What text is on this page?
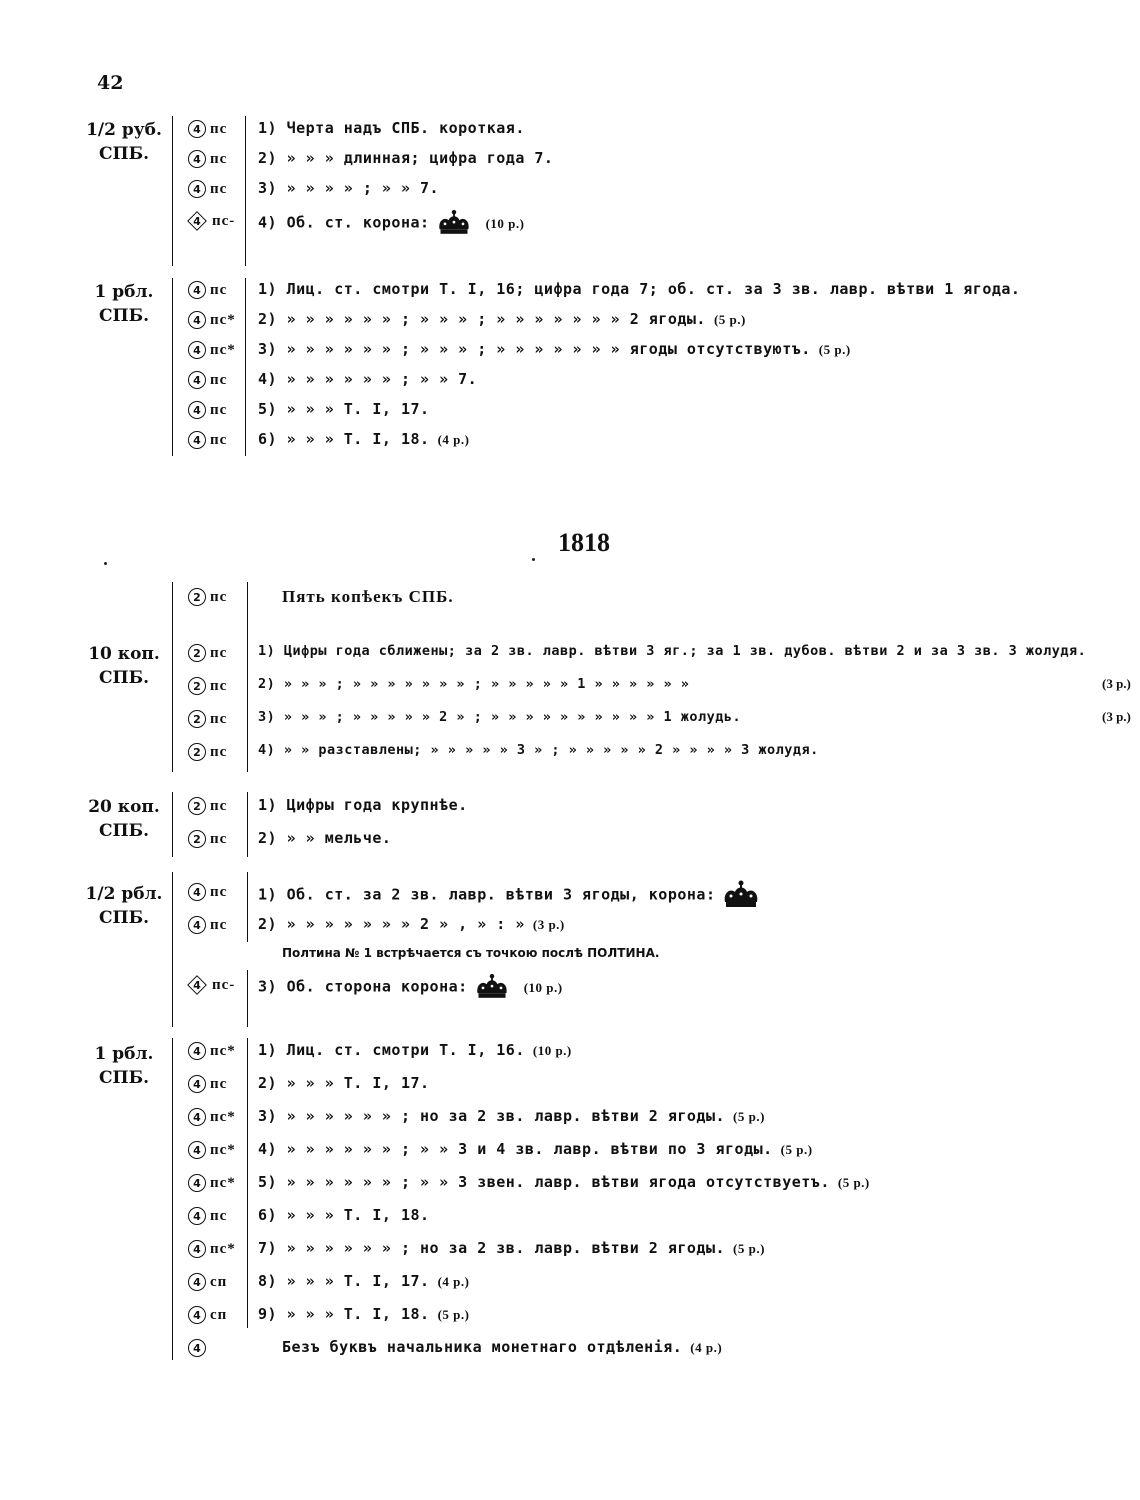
42
1/2 руб.
СПБ.
4 пс 1) Черта надъ СПБ. короткая.
4 пс 2) » » » длинная; цифра года 7.
4 пс 3) » » » » ; » » 7.
4 пс- 4) Об. ст. корона:	(10 р.)
1 рбл.
СПБ.
4 пс 1) Лиц. ст. смотри Т. I, 16; цифра года 7; об. ст. за 3 зв. лавр. вѣтви 1 ягода.
4 пс* 2) » » » » » » ; » » » ; » » » » » » » 2 ягоды. (5 р.)
4 пс* 3) » » » » » » ; » » » ; » » » » » » » ягоды отсутствуютъ. (5 р.)
4 пс 4) » » » » » » ; » » 7.
4 пс 5) » » » Т. I, 17.
4 пс 6) » » » Т. I, 18. (4 р.)
1818
2 пс	Пять копѣекъ СПБ.
10 коп.
СПБ.
2 пс 1) Цифры года сближены; за 2 зв. лавр. вѣтви 3 яг.; за 1 зв. дубов. вѣтви 2 и за 3 зв. 3 жолудя.
2 пс 2) » » » ; » » » » » » » ; » » » » » 1 » » » » » »	(3 р.)
2 пс 3) » » » ; » » » » » 2 » ; » » » » » » » » » » 1 жолудь.	(3 р.)
2 пс 4) » » разставлены; » » » » » 3 » ; » » » » » 2 » » » » 3 жолудя.
20 коп.
СПБ.
2 пс 1) Цифры года крупнѣе.
2 пс 2) » » мельче.
1/2 рбл.
СПБ.
4 пс 1) Об. ст. за 2 зв. лавр. вѣтви 3 ягоды, корона:
4 пс 2) » » » » » » » 2 » , » : » (3 р.)
Полтина № 1 встрѣчается съ точкою послѣ ПОЛТИНА.
4 пс- 3) Об. сторона корона:	(10 р.)
1 рбл.
СПБ.
4 пс* 1) Лиц. ст. смотри Т. I, 16. (10 р.)
4 пс 2) » » » Т. I, 17.
4 пс* 3) » » » » » » ; но за 2 зв. лавр. вѣтви 2 ягоды. (5 р.)
4 пс* 4) » » » » » » ; » » 3 и 4 зв. лавр. вѣтви по 3 ягоды. (5 р.)
4 пс* 5) » » » » » » ; » » 3 звен. лавр. вѣтви ягода отсутствуетъ. (5 р.)
4 пс 6) » » » Т. I, 18.
4 пс* 7) » » » » » » ; но за 2 зв. лавр. вѣтви 2 ягоды. (5 р.)
4 сп 8) » » » Т. I, 17. (4 р.)
4 сп 9) » » » Т. I, 18. (5 р.)
4	Безъ буквъ начальника монетнаго отдѣленія. (4 р.)
